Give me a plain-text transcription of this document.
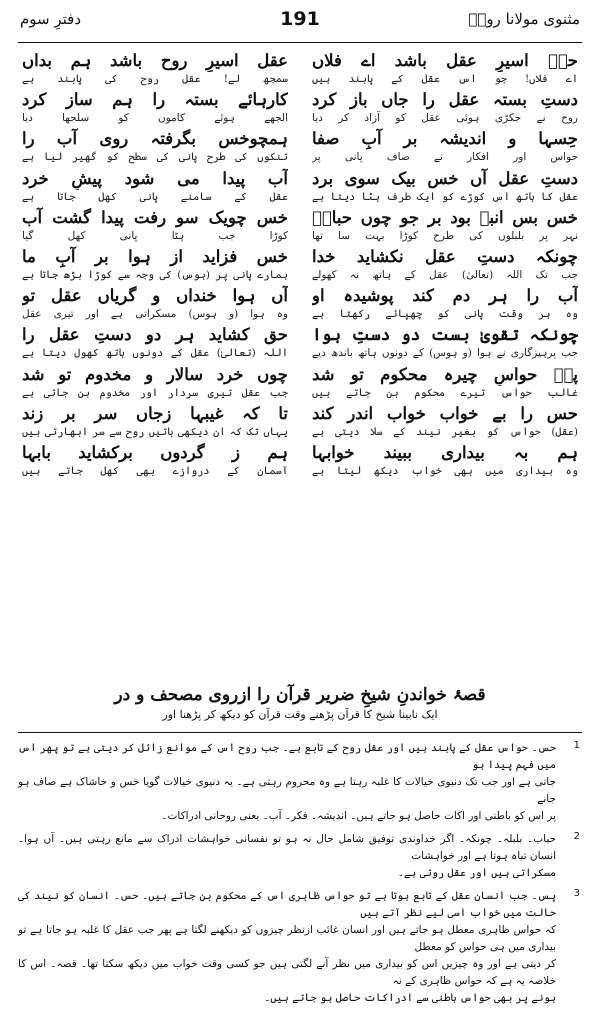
مثنوی مولانا رومؒ
191
دفترِ سوم
حسؒ اسیرِ عقل باشد اے فلاں
اے فلاں! جو اس عقل کے پابند ہیں
دستِ بستہ عقل را جاں باز کرد
روح نے جکڑی ہوئی عقل کو آزاد کر دیا
حِسہا و اندیشہ بر آبِ صفا
حواس اور افکار نے صاف پانی پر
دستِ عقل آں خس بیک سوی برد
عقل کا ہاتھ اس کوڑے کو ایک طرف ہٹا دیتا ہے
خس بس انبہ بود بر جو چوں حبابؒ
نہر پر بلبلوں کی طرح کوڑا بہت سا تھا
چونکہ دستِ عقل نکشاید خدا
جب تک اللہ (تعالیٰ) عقل کے ہاتھ نہ کھولے
آب را ہر دم کند پوشیدہ او
وہ ہر وقت پانی کو چھپائے رکھتا ہے
چونکہ تقویٰ بست دو دستِ ہوا
جب پرہیزگاری نے ہوا (و ہوس) کے دونوں ہاتھ باندھ دیے
پسؒ حواسِ چیرہ محکوم تو شد
غالب حواس تیرے محکوم بن جاتے ہیں
حس را بے خواب خواب اندر کند
(عقل) حواس کو بغیر نیند کے سلا دیتی ہے
ہم بہ بیداری ببیند خوابہا
وہ بیداری میں بھی خواب دیکھ لیتا ہے
عقل اسیرِ روح باشد ہم بداں
سمجھ لے! عقل روح کی پابند ہے
کارہائے بستہ را ہم ساز کرد
الجھے ہوئے کاموں کو سلجھا دیا
ہمچوخس بگرفتہ روی آب را
تنکوں کی طرح پانی کی سطح کو گھیر لیا ہے
آب پیدا می شود پیشِ خرد
عقل کے سامنے پانی کھل جاتا ہے
خس چویک سو رفت پیدا گشت آب
کوڑا جب ہٹا پانی کھل گیا
خس فزاید از ہوا بر آبِ ما
ہمارے پانی پر (ہوس) کی وجہ سے کوڑا بڑھ جاتا ہے
آں ہوا خنداں و گریاں عقل تو
وہ ہوا (و ہوس) مسکراتی ہے اور تیری عقل
حق کشاید ہر دو دستِ عقل را
اللہ (تعالیٰ) عقل کے دونوں ہاتھ کھول دیتا ہے
چوں خرد سالار و مخدوم تو شد
جب عقل تیری سردار اور مخدوم بن جاتی ہے
تا کہ غیبہا زجاں سر بر زند
یہاں تک کہ ان دیکھی باتیں روح سے سر ابھارتی ہیں
ہم ز گردوں برکشاید بابہا
آسمان کے دروازے بھی کھل جاتے ہیں
قصۂ خواندنِ شیخِ ضریر قرآن را ازروی مصحف و در
ایک نابینا شیخ کا قرآن پڑھنے وقت قرآن کو دیکھ کر پڑھنا اور
1
حس۔ حواس عقل کے پابند ہیں اور عقل روح کے تابع ہے۔ جب روح اس کے موانع زائل کر دیتی ہے تو پھر اس میں فہم پیدا ہو
جاتی ہے اور جب تک دنیوی خیالات کا غلبہ رہتا ہے وہ محروم رہتی ہے۔ یہ دنیوی خیالات گویا خس و خاشاک ہے صاف ہو جانے
پر اس کو باطنی اور اکات حاصل ہو جاتے ہیں۔ اندیشہ۔ فکر۔ آب۔ یعنی روحانی ادراکات۔
2
حباب۔ بلبلہ۔ چونکہ۔ اگر خداوندی توفیق شامل حال نہ ہو تو نفسانی خواہشات ادراک سے مانع رہتی ہیں۔ آں ہوا۔ انسان تباہ ہوتا ہے اور خواہشات
مسکراتی ہیں اور عقل روتی ہے۔
3
پس۔ جب انسان عقل کے تابع ہوتا ہے تو حواس ظاہری اس کے محکوم بن جاتے ہیں۔ حس۔ انسان کو نیند کی حالت میں خواب اسی لیے نظر آتے ہیں
کہ حواس ظاہری معطل ہو جاتے ہیں اور انسان غائب ازنظر چیزوں کو دیکھنے لگتا ہے پھر جب عقل کا غلبہ ہو جاتا ہے تو بیداری میں ہی حواس کو معطل
کر دیتی ہے اور وہ چیزیں اس کو بیداری میں نظر آنے لگتی ہیں جو کسی وقت خواب میں دیکھ سکتا تھا۔ قصہ۔ اس کا خلاصہ یہ ہے کہ حواس ظاہری کے نہ
ہونے پر بھی حواس باطنی سے ادراکات حاصل ہو جاتے ہیں۔
